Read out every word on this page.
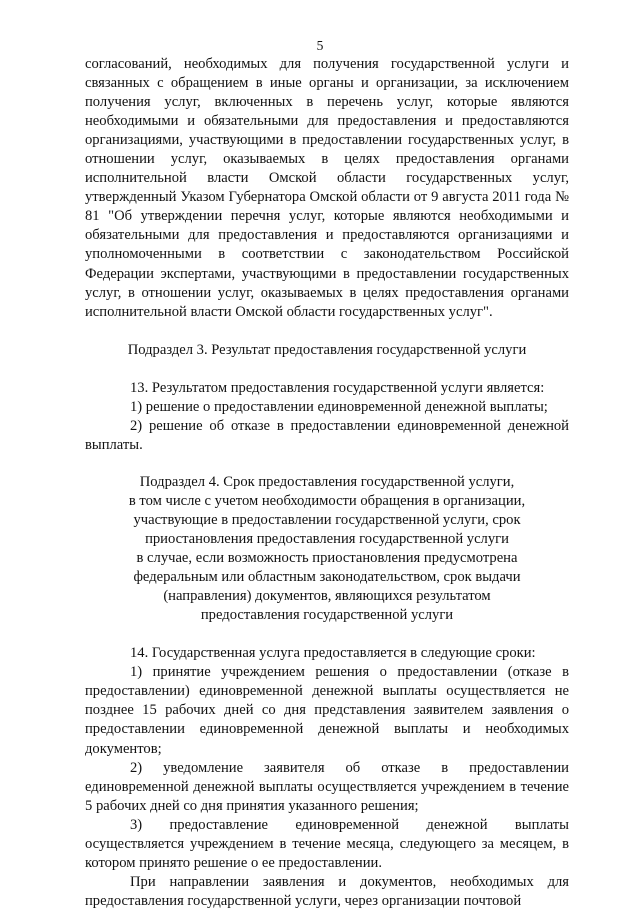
5

согласований, необходимых для получения государственной услуги и связанных с обращением в иные органы и организации, за исключением получения услуг, включенных в перечень услуг, которые являются необходимыми и обязательными для предоставления и предоставляются организациями, участвующими в предоставлении государственных услуг, в отношении услуг, оказываемых в целях предоставления органами исполнительной власти Омской области государственных услуг, утвержденный Указом Губернатора Омской области от 9 августа 2011 года № 81 "Об утверждении перечня услуг, которые являются необходимыми и обязательными для предоставления и предоставляются организациями и уполномоченными в соответствии с законодательством Российской Федерации экспертами, участвующими в предоставлении государственных услуг, в отношении услуг, оказываемых в целях предоставления органами исполнительной власти Омской области государственных услуг".

Подраздел 3. Результат предоставления государственной услуги

13. Результатом предоставления государственной услуги является:

1) решение о предоставлении единовременной денежной выплаты;

2) решение об отказе в предоставлении единовременной денежной выплаты.

Подраздел 4. Срок предоставления государственной услуги,
в том числе с учетом необходимости обращения в организации,
участвующие в предоставлении государственной услуги, срок
приостановления предоставления государственной услуги
в случае, если возможность приостановления предусмотрена
федеральным или областным законодательством, срок выдачи
(направления) документов, являющихся результатом
предоставления государственной услуги

14. Государственная услуга предоставляется в следующие сроки:

1) принятие учреждением решения о предоставлении (отказе в предоставлении) единовременной денежной выплаты осуществляется не позднее 15 рабочих дней со дня представления заявителем заявления о предоставлении единовременной денежной выплаты и необходимых документов;

2) уведомление заявителя об отказе в предоставлении единовременной денежной выплаты осуществляется учреждением в течение 5 рабочих дней со дня принятия указанного решения;

3) предоставление единовременной денежной выплаты осуществляется учреждением в течение месяца, следующего за месяцем, в котором принято решение о ее предоставлении.

При направлении заявления и документов, необходимых для предоставления государственной услуги, через организации почтовой
